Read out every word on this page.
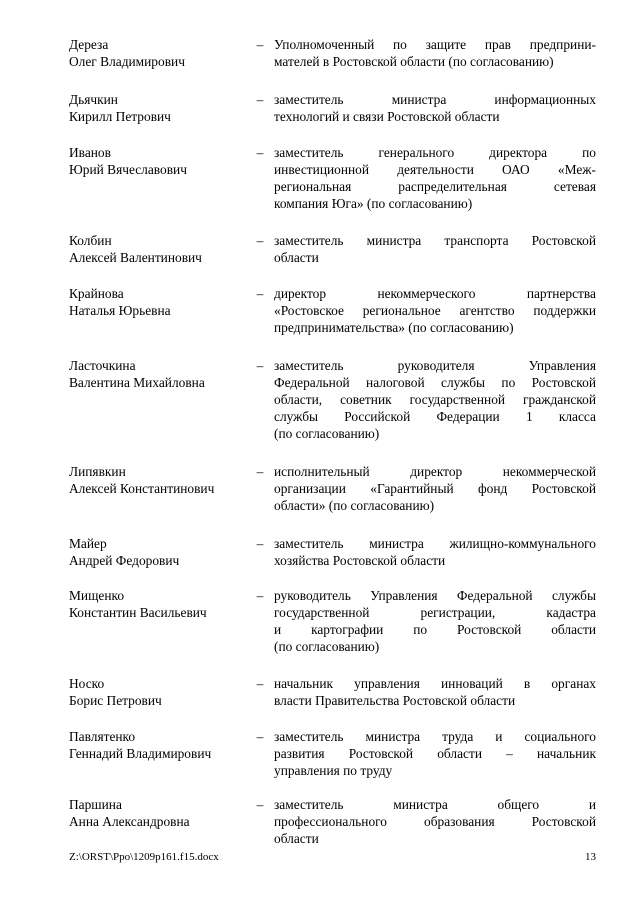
Дереза
Олег Владимирович
– Уполномоченный по защите прав предприни-
мателей в Ростовской области (по согласованию)
Дьячкин
Кирилл Петрович
– заместитель министра информационных
технологий и связи Ростовской области
Иванов
Юрий Вячеславович
– заместитель генерального директора по
инвестиционной деятельности ОАО «Меж-
региональная распределительная сетевая
компания Юга» (по согласованию)
Колбин
Алексей Валентинович
– заместитель министра транспорта Ростовской
области
Крайнова
Наталья Юрьевна
– директор некоммерческого партнерства
«Ростовское региональное агентство поддержки
предпринимательства» (по согласованию)
Ласточкина
Валентина Михайловна
– заместитель руководителя Управления
Федеральной налоговой службы по Ростовской
области, советник государственной гражданской
службы Российской Федерации 1 класса
(по согласованию)
Липявкин
Алексей Константинович
– исполнительный директор некоммерческой
организации «Гарантийный фонд Ростовской
области» (по согласованию)
Майер
Андрей Федорович
– заместитель министра жилищно-коммунального
хозяйства Ростовской области
Мищенко
Константин Васильевич
– руководитель Управления Федеральной службы
государственной регистрации, кадастра
и картографии по Ростовской области
(по согласованию)
Носко
Борис Петрович
– начальник управления инноваций в органах
власти Правительства Ростовской области
Павлятенко
Геннадий Владимирович
– заместитель министра труда и социального
развития Ростовской области – начальник
управления по труду
Паршина
Анна Александровна
– заместитель министра общего и
профессионального образования Ростовской
области
Z:\ORST\Ppo\1209p161.f15.docx	13
